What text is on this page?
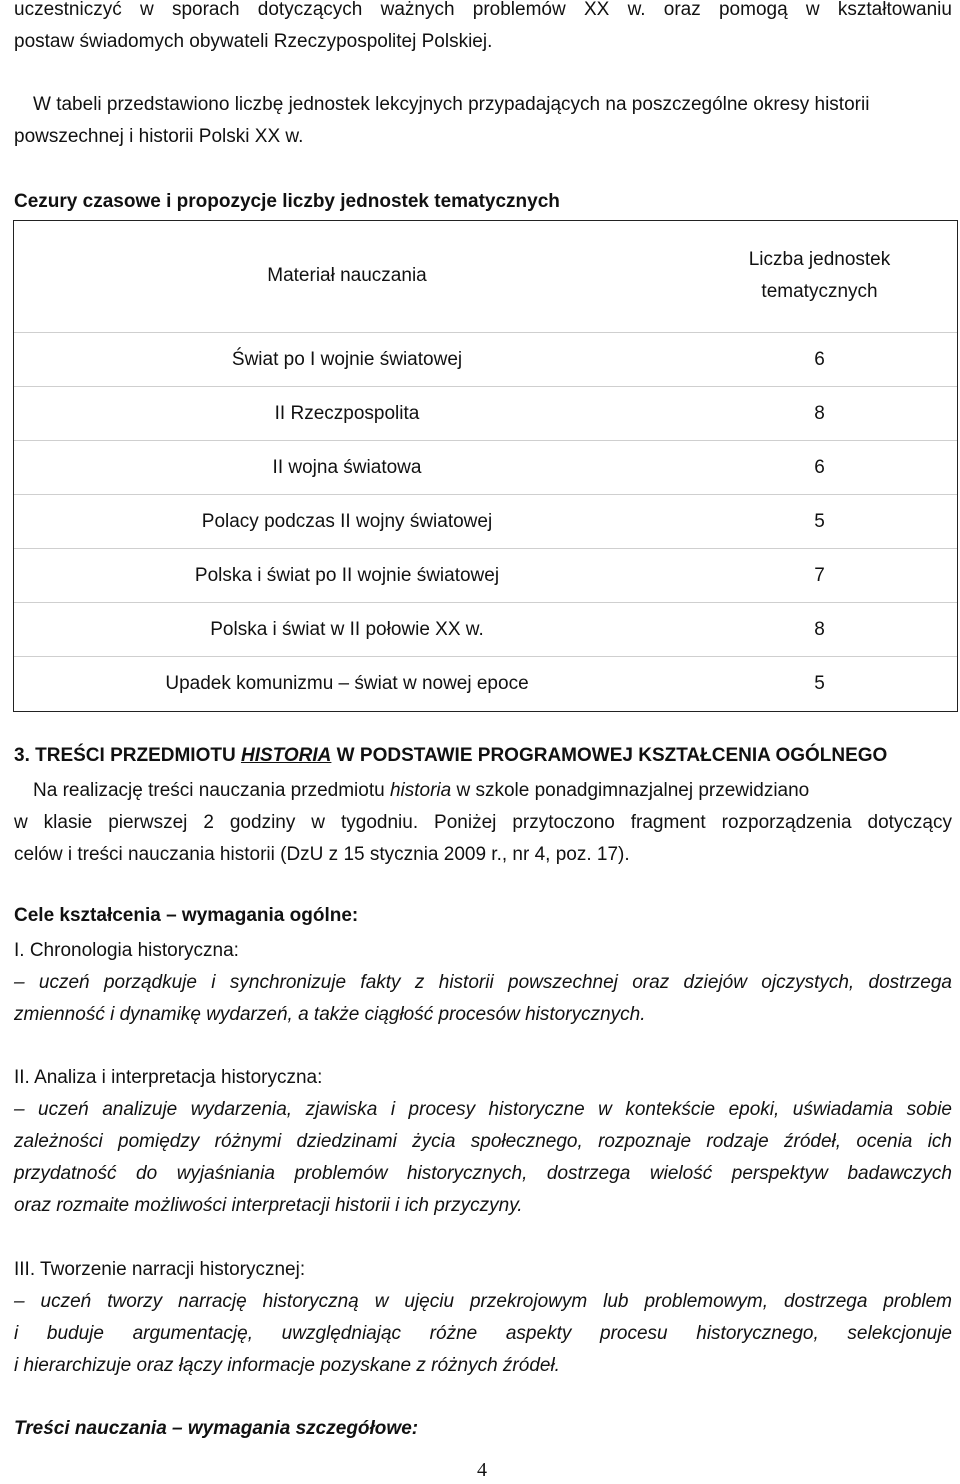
uczestniczyć w sporach dotyczących ważnych problemów XX w. oraz pomogą w kształtowaniu
postaw świadomych obywateli Rzeczypospolitej Polskiej.
W tabeli przedstawiono liczbę jednostek lekcyjnych przypadających na poszczególne okresy historii
powszechnej i historii Polski XX w.
Cezury czasowe i propozycje liczby jednostek tematycznych
Materiał nauczania	Liczba jednostek
tematycznych
Świat po I wojnie światowej	6
II Rzeczpospolita	8
II wojna światowa	6
Polacy podczas II wojny światowej	5
Polska i świat po II wojnie światowej	7
Polska i świat w II połowie XX w.	8
Upadek komunizmu – świat w nowej epoce	5
3. TREŚCI PRZEDMIOTU HISTORIA W PODSTAWIE PROGRAMOWEJ KSZTAŁCENIA OGÓLNEGO
Na realizację treści nauczania przedmiotu historia w szkole ponadgimnazjalnej przewidziano
w klasie pierwszej 2 godziny w tygodniu. Poniżej przytoczono fragment rozporządzenia dotyczący
celów i treści nauczania historii (DzU z 15 stycznia 2009 r., nr 4, poz. 17).
Cele kształcenia – wymagania ogólne:
I. Chronologia historyczna:
– uczeń porządkuje i synchronizuje fakty z historii powszechnej oraz dziejów ojczystych, dostrzega
zmienność i dynamikę wydarzeń, a także ciągłość procesów historycznych.
II. Analiza i interpretacja historyczna:
– uczeń analizuje wydarzenia, zjawiska i procesy historyczne w kontekście epoki, uświadamia sobie
zależności pomiędzy różnymi dziedzinami życia społecznego, rozpoznaje rodzaje źródeł, ocenia ich
przydatność do wyjaśniania problemów historycznych, dostrzega wielość perspektyw badawczych
oraz rozmaite możliwości interpretacji historii i ich przyczyny.
III. Tworzenie narracji historycznej:
– uczeń tworzy narrację historyczną w ujęciu przekrojowym lub problemowym, dostrzega problem
i buduje argumentację, uwzględniając różne aspekty procesu historycznego, selekcjonuje
i hierarchizuje oraz łączy informacje pozyskane z różnych źródeł.
Treści nauczania – wymagania szczegółowe:
4
